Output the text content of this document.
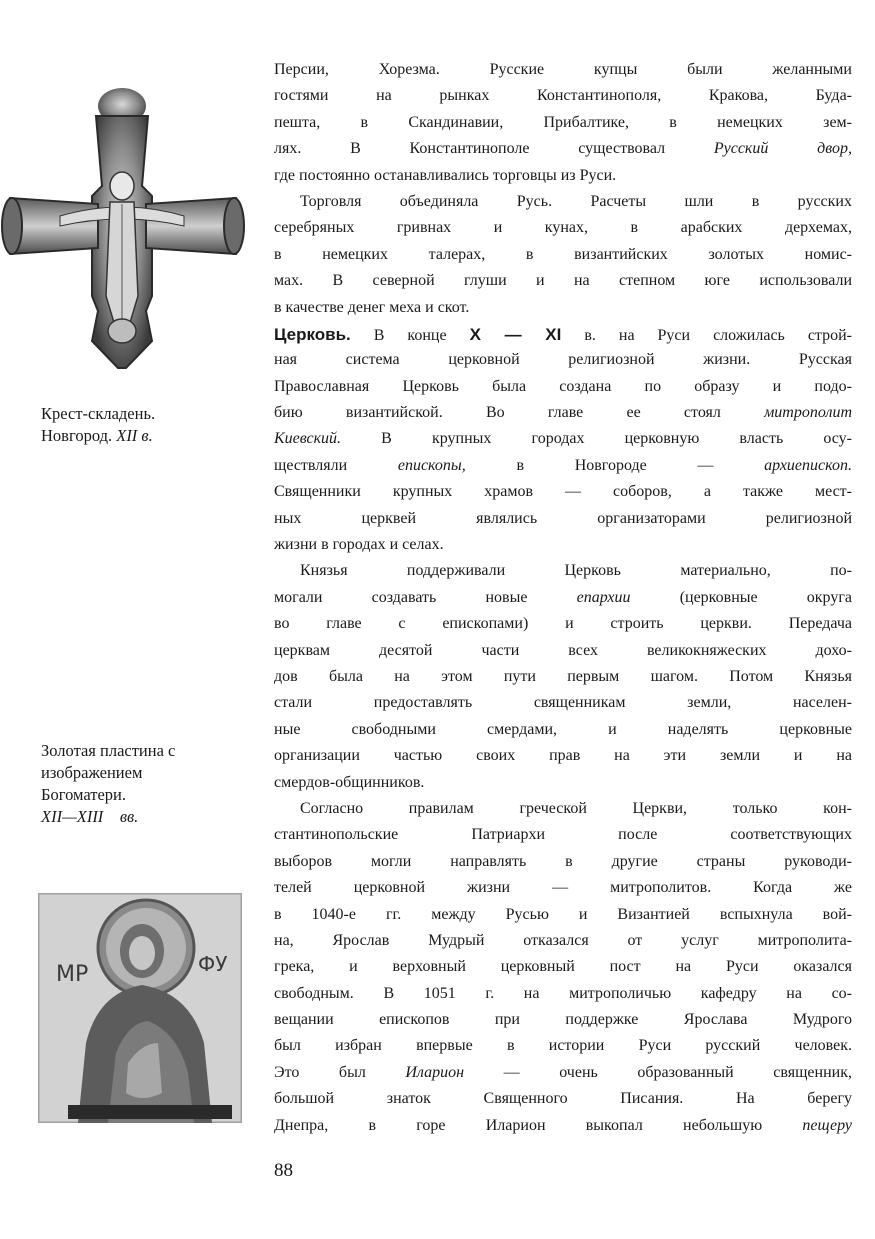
Крест-складень.
Новгород. XII в.
Золотая пластина с
изображением
Богоматери.
XII—XIII вв.
МР	ФУ
Персии, Хорезма. Русские купцы были желанными
гостями на рынках Константинополя, Кракова, Буда-
пешта, в Скандинавии, Прибалтике, в немецких зем-
лях. В Константинополе существовал Русский двор,
где постоянно останавливались торговцы из Руси.
Торговля объединяла Русь. Расчеты шли в русских
серебряных гривнах и кунах, в арабских дерхемах,
в немецких талерах, в византийских золотых номис-
мах. В северной глуши и на степном юге использовали
в качестве денег меха и скот.
Церковь. В конце X — XI в. на Руси сложилась строй-
ная система церковной религиозной жизни. Русская
Православная Церковь была создана по образу и подо-
бию византийской. Во главе ее стоял митрополит
Киевский. В крупных городах церковную власть осу-
ществляли епископы, в Новгороде — архиепископ.
Священники крупных храмов — соборов, а также мест-
ных церквей являлись организаторами религиозной
жизни в городах и селах.
Князья поддерживали Церковь материально, по-
могали создавать новые епархии (церковные округа
во главе с епископами) и строить церкви. Передача
церквам десятой части всех великокняжеских дохо-
дов была на этом пути первым шагом. Потом Князья
стали предоставлять священникам земли, населен-
ные свободными смердами, и наделять церковные
организации частью своих прав на эти земли и на
смердов-общинников.
Согласно правилам греческой Церкви, только кон-
стантинопольские Патриархи после соответствующих
выборов могли направлять в другие страны руководи-
телей церковной жизни — митрополитов. Когда же
в 1040-е гг. между Русью и Византией вспыхнула вой-
на, Ярослав Мудрый отказался от услуг митрополита-
грека, и верховный церковный пост на Руси оказался
свободным. В 1051 г. на митрополичью кафедру на со-
вещании епископов при поддержке Ярослава Мудрого
был избран впервые в истории Руси русский человек.
Это был Иларион — очень образованный священник,
большой знаток Священного Писания. На берегу
Днепра, в горе Иларион выкопал небольшую пещеру
88
